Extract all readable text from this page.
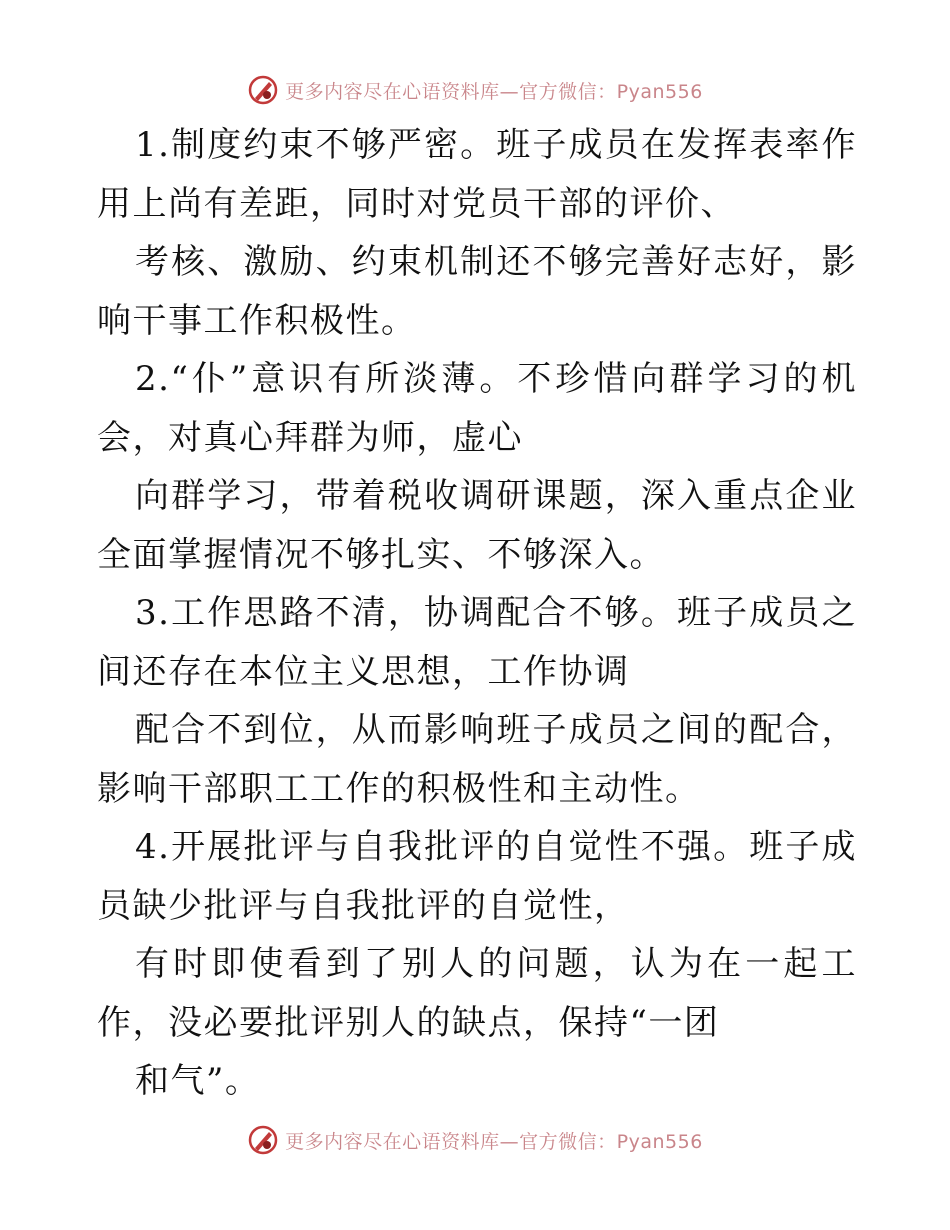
更多内容尽在心语资料库—官方微信：Pyan556

1.制度约束不够严密。班子成员在发挥表率作用上尚有差距，同时对党员干部的评价、

考核、激励、约束机制还不够完善好志好，影响干事工作积极性。

2.“仆”意识有所淡薄。不珍惜向群学习的机会，对真心拜群为师，虚心

向群学习，带着税收调研课题，深入重点企业全面掌握情况不够扎实、不够深入。

3.工作思路不清，协调配合不够。班子成员之间还存在本位主义思想，工作协调

配合不到位，从而影响班子成员之间的配合，影响干部职工工作的积极性和主动性。

4.开展批评与自我批评的自觉性不强。班子成员缺少批评与自我批评的自觉性，

有时即使看到了别人的问题，认为在一起工作，没必要批评别人的缺点，保持“一团

和气”。

更多内容尽在心语资料库—官方微信：Pyan556
